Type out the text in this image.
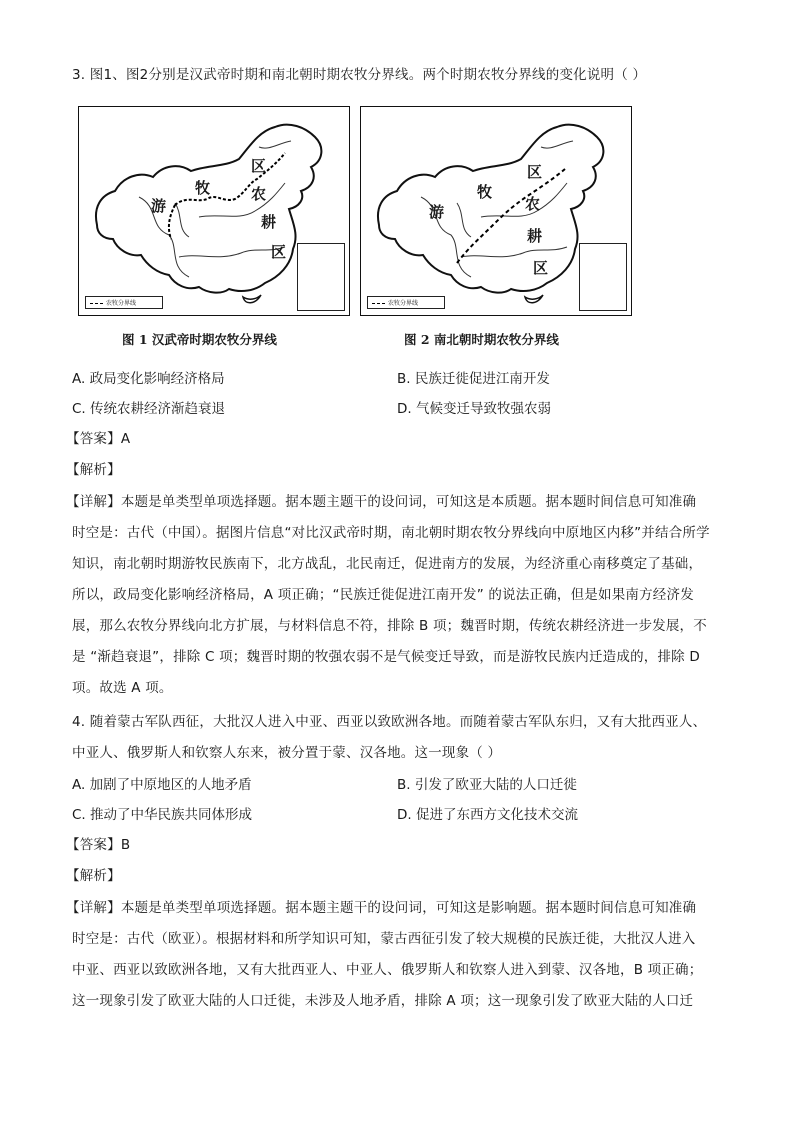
3. 图1、图2分别是汉武帝时期和南北朝时期农牧分界线。两个时期农牧分界线的变化说明（ ）
游
牧
区
农
耕
区
农牧分界线
游
牧
区
农
耕
区
农牧分界线
图 1 汉武帝时期农牧分界线	图 2 南北朝时期农牧分界线
A. 政局变化影响经济格局	B. 民族迁徙促进江南开发
C. 传统农耕经济渐趋衰退	D. 气候变迁导致牧强农弱
【答案】A
【解析】
【详解】本题是单类型单项选择题。据本题主题干的设问词，可知这是本质题。据本题时间信息可知准确
时空是：古代（中国）。据图片信息“对比汉武帝时期，南北朝时期农牧分界线向中原地区内移”并结合所学
知识，南北朝时期游牧民族南下，北方战乱，北民南迁，促进南方的发展，为经济重心南移奠定了基础，
所以，政局变化影响经济格局，A 项正确；“民族迁徙促进江南开发” 的说法正确，但是如果南方经济发
展，那么农牧分界线向北方扩展，与材料信息不符，排除 B 项；魏晋时期，传统农耕经济进一步发展，不
是 “渐趋衰退”，排除 C 项；魏晋时期的牧强农弱不是气候变迁导致，而是游牧民族内迁造成的，排除 D
项。故选 A 项。
4. 随着蒙古军队西征，大批汉人进入中亚、西亚以致欧洲各地。而随着蒙古军队东归，又有大批西亚人、
中亚人、俄罗斯人和钦察人东来，被分置于蒙、汉各地。这一现象（ ）
A. 加剧了中原地区的人地矛盾	B. 引发了欧亚大陆的人口迁徙
C. 推动了中华民族共同体形成	D. 促进了东西方文化技术交流
【答案】B
【解析】
【详解】本题是单类型单项选择题。据本题主题干的设问词，可知这是影响题。据本题时间信息可知准确
时空是：古代（欧亚）。根据材料和所学知识可知，蒙古西征引发了较大规模的民族迁徙，大批汉人进入
中亚、西亚以致欧洲各地，又有大批西亚人、中亚人、俄罗斯人和钦察人进入到蒙、汉各地，B 项正确；
这一现象引发了欧亚大陆的人口迁徙，未涉及人地矛盾，排除 A 项；这一现象引发了欧亚大陆的人口迁
